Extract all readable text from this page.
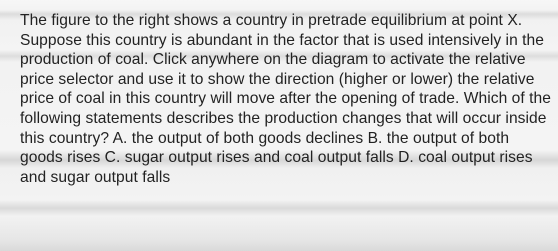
The figure to the right shows a country in pretrade equilibrium at point X. Suppose this country is abundant in the factor that is used intensively in the production of coal. Click anywhere on the diagram to activate the relative price selector and use it to show the direction (higher or lower) the relative price of coal in this country will move after the opening of trade. Which of the following statements describes the production changes that will occur inside this country? A. the output of both goods declines B. the output of both goods rises C. sugar output rises and coal output falls D. coal output rises and sugar output falls
